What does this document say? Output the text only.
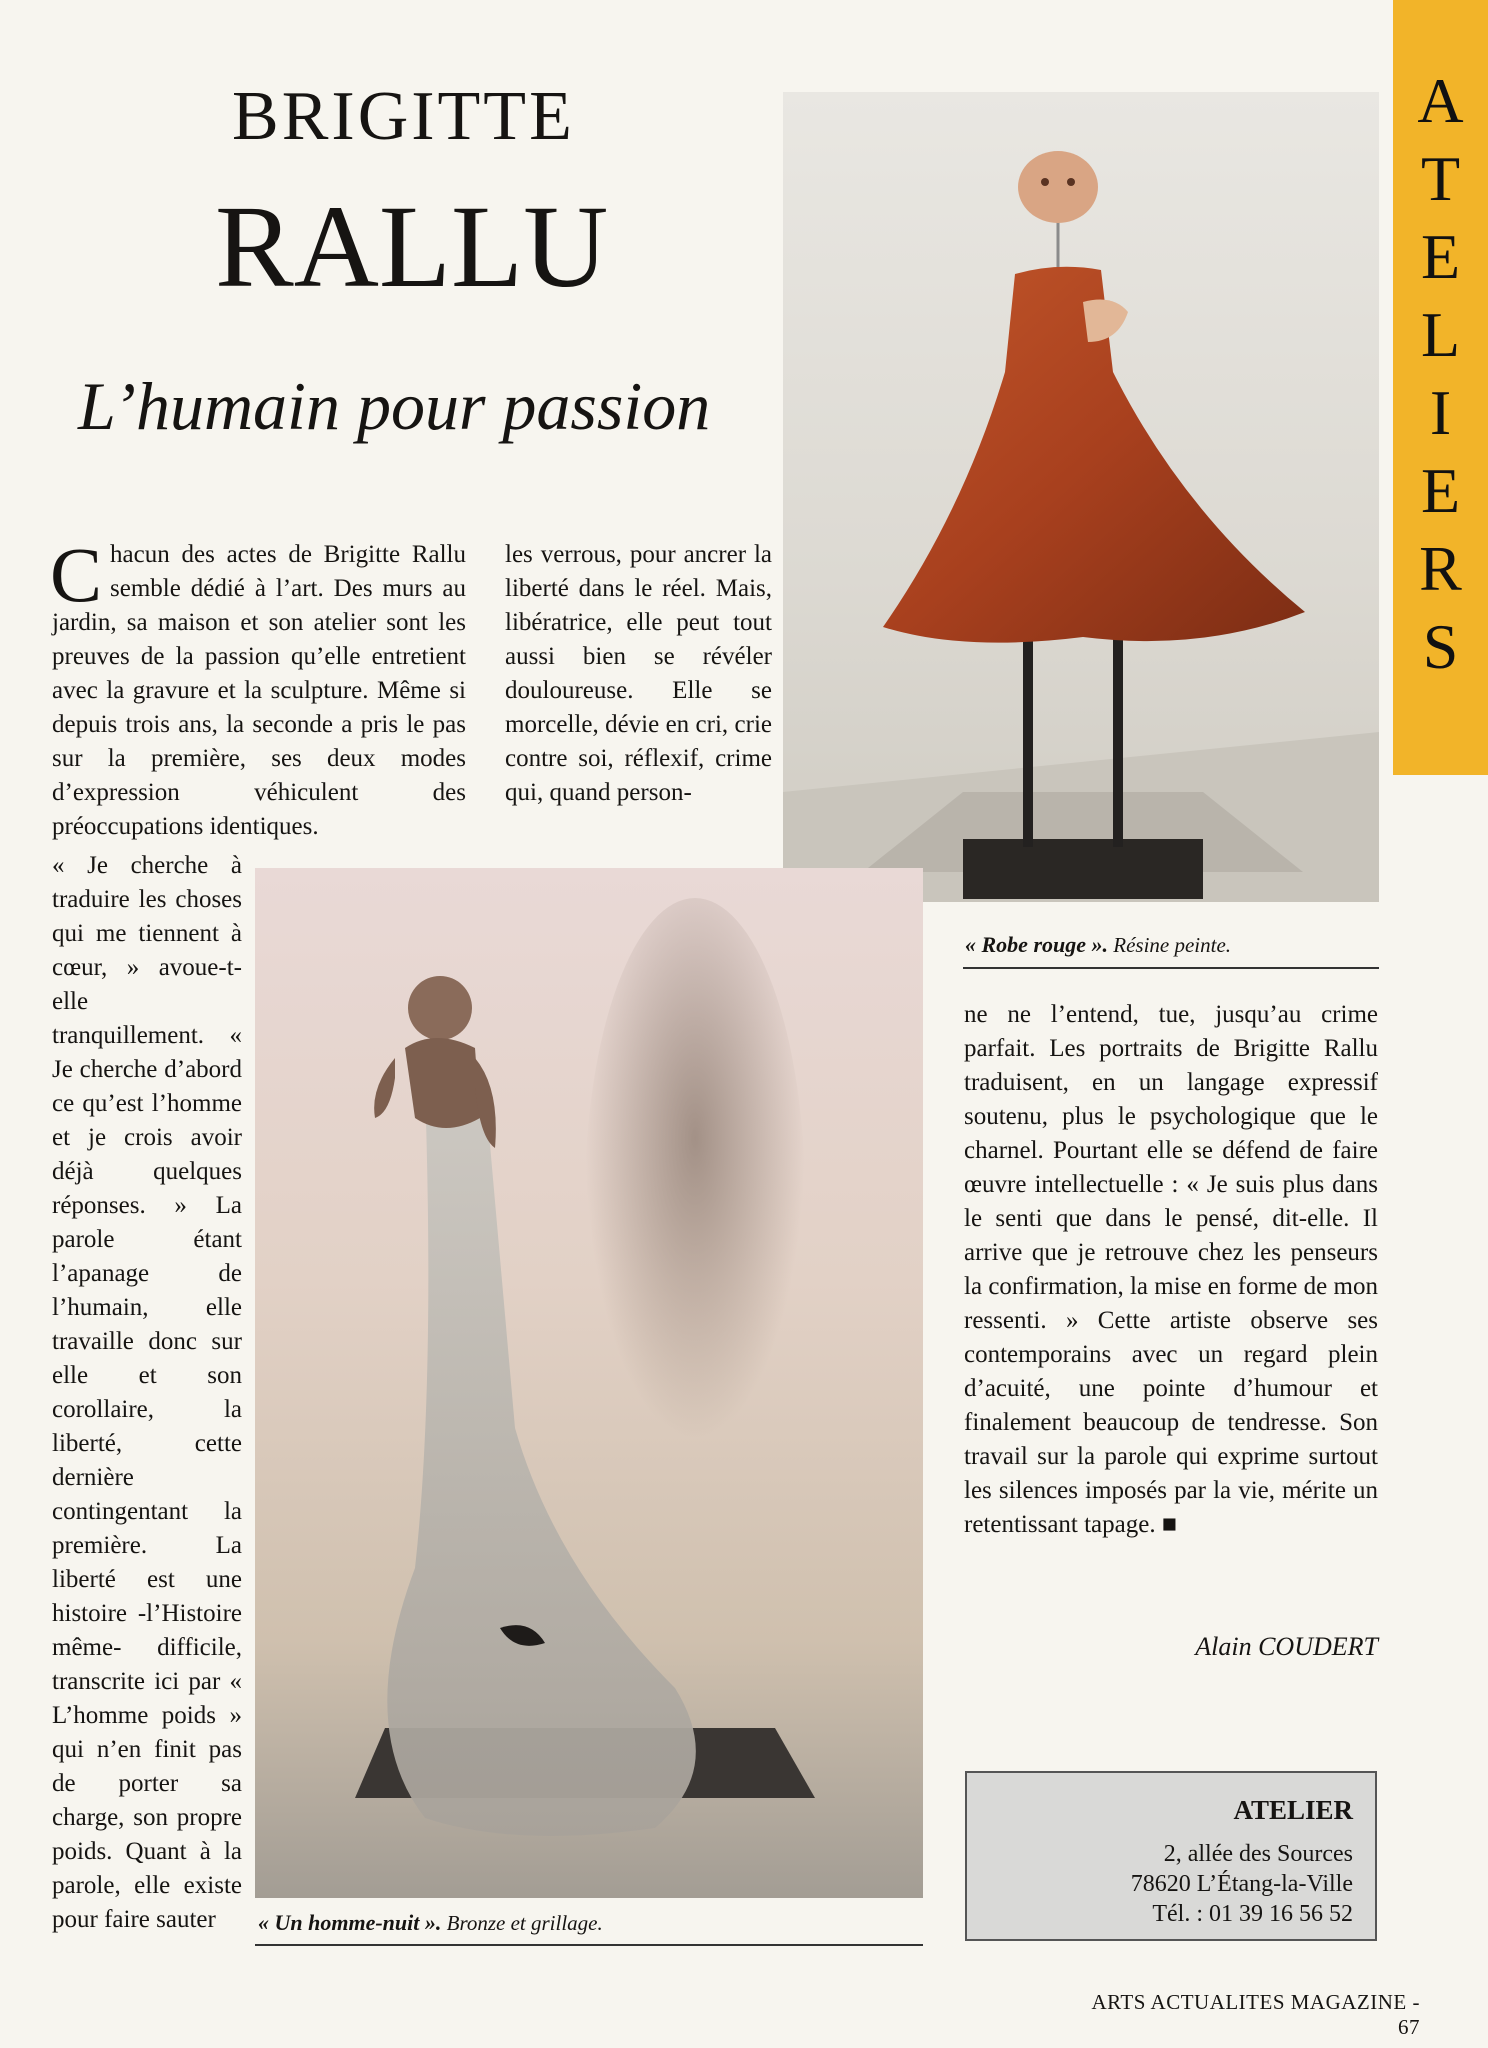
BRIGITTE
RALLU
L’humain pour passion
A
T
E
L
I
E
R
S
« Robe rouge ». Résine peinte.
« Un homme-nuit ». Bronze et grillage.
C hacun des actes de Brigitte Rallu semble dédié à l’art. Des murs au jardin, sa maison et son atelier sont les preuves de la passion qu’elle entretient avec la gravure et la sculpture. Même si depuis trois ans, la seconde a pris le pas sur la première, ses deux modes d’expression véhiculent des préoccupations identiques.

« Je cherche à traduire les choses qui me tiennent à cœur, » avoue-t-elle tranquillement. « Je cherche d’abord ce qu’est l’homme et je crois avoir déjà quelques réponses. » La parole étant l’apanage de l’humain, elle travaille donc sur elle et son corollaire, la liberté, cette dernière contingentant la première. La liberté est une histoire -l’Histoire même- difficile, transcrite ici par « L’homme poids » qui n’en finit pas de porter sa charge, son propre poids. Quant à la parole, elle existe pour faire sauter

les verrous, pour ancrer la liberté dans le réel. Mais, libératrice, elle peut tout aussi bien se révéler douloureuse. Elle se morcelle, dévie en cri, crie contre soi, réflexif, crime qui, quand person-

ne ne l’entend, tue, jusqu’au crime parfait. Les portraits de Brigitte Rallu traduisent, en un langage expressif soutenu, plus le psychologique que le charnel. Pourtant elle se défend de faire œuvre intellectuelle : « Je suis plus dans le senti que dans le pensé, dit-elle. Il arrive que je retrouve chez les penseurs la confirmation, la mise en forme de mon ressenti. » Cette artiste observe ses contemporains avec un regard plein d’acuité, une pointe d’humour et finalement beaucoup de tendresse. Son travail sur la parole qui exprime surtout les silences imposés par la vie, mérite un retentissant tapage. ■

Alain COUDERT
ATELIER
2, allée des Sources
78620 L’Étang-la-Ville
Tél. : 01 39 16 56 52
ARTS ACTUALITES MAGAZINE - 67
